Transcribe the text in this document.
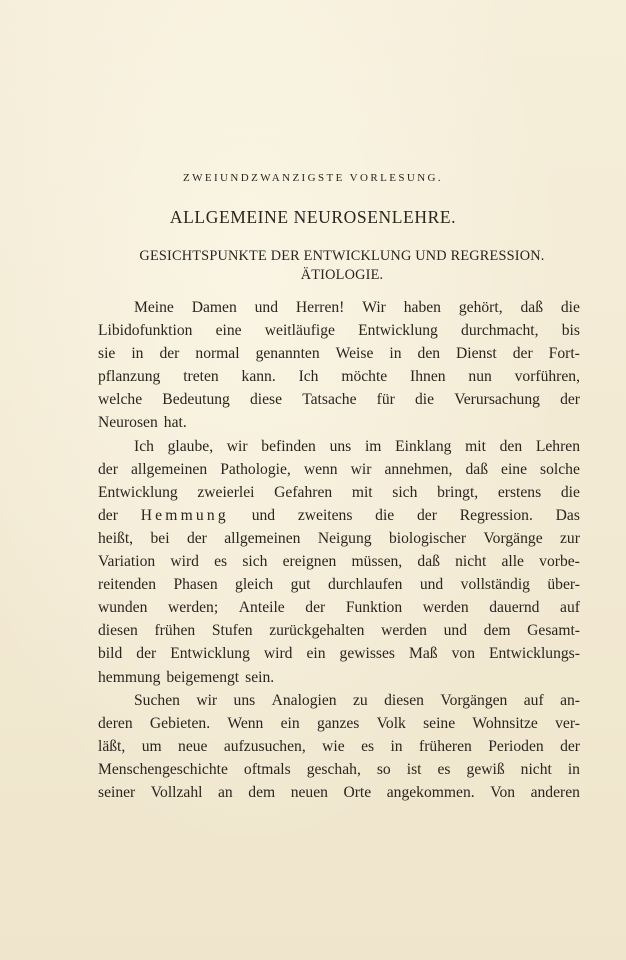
ZWEIUNDZWANZIGSTE VORLESUNG.
ALLGEMEINE NEUROSENLEHRE.
GESICHTSPUNKTE DER ENTWICKLUNG UND REGRESSION. ÄTIOLOGIE.
Meine Damen und Herren! Wir haben gehört, daß die
Libidofunktion eine weitläufige Entwicklung durchmacht, bis
sie in der normal genannten Weise in den Dienst der Fort-
pflanzung treten kann. Ich möchte Ihnen nun vorführen,
welche Bedeutung diese Tatsache für die Verursachung der
Neurosen hat.
Ich glaube, wir befinden uns im Einklang mit den Lehren
der allgemeinen Pathologie, wenn wir annehmen, daß eine solche
Entwicklung zweierlei Gefahren mit sich bringt, erstens die
der Hemmung und zweitens die der Regression. Das
heißt, bei der allgemeinen Neigung biologischer Vorgänge zur
Variation wird es sich ereignen müssen, daß nicht alle vorbe-
reitenden Phasen gleich gut durchlaufen und vollständig über-
wunden werden; Anteile der Funktion werden dauernd auf
diesen frühen Stufen zurückgehalten werden und dem Gesamt-
bild der Entwicklung wird ein gewisses Maß von Entwicklungs-
hemmung beigemengt sein.
Suchen wir uns Analogien zu diesen Vorgängen auf an-
deren Gebieten. Wenn ein ganzes Volk seine Wohnsitze ver-
läßt, um neue aufzusuchen, wie es in früheren Perioden der
Menschengeschichte oftmals geschah, so ist es gewiß nicht in
seiner Vollzahl an dem neuen Orte angekommen. Von anderen
